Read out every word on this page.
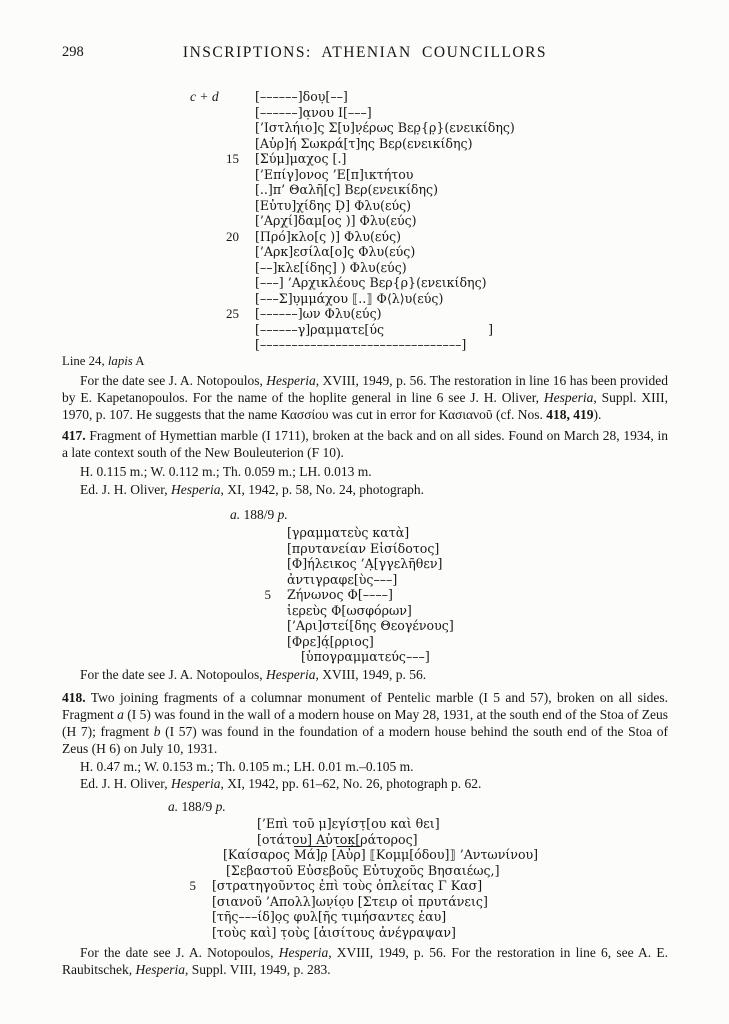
298	INSCRIPTIONS: ATHENIAN COUNCILLORS
c + d	[––––––]δου̣[––]
[––––––]α̣νου Ι[–––]
[’Ιστλήιο]ς Σ[υ]ν̣έρως Βερ̣{ρ̣}(ενεικίδης)
[Αὐρ]ή Σωκρά[τ]ης Βερ(ενεικίδης)
15	[Σύμ]μαχος [.]
[’Επίγ]ονος ’Ε[π]ικτήτου
[..]π’ Θαλῆ[ς] Βερ(ενεικίδης)
[Εὐτυ]χίδης Ḍ] Φλυ(εύς)
[’Αρχί]δαμ[ος )] Φλυ(εύς)
20	[Πρό]κλο[ς )] Φλυ(εύς)
[’Αρκ]εσίλα[ο]ς̣ Φλυ(εύς)
[––]κλε[ίδης] ) Φλυ(εύς)
[–––] ’Αρχικλέους Βερ{ρ}(ενεικίδης)
[–––Σ]υ̣μμάχου ⟦..⟧ Φ⟨λ⟩υ(εύς)
25	[––––––]ων Φλυ(εύς)
[––––––γ]ραμματε[ύς                          ]
[––––––––––––––––––––––––––––––––]

Line 24, lapis A

For the date see J. A. Notopoulos, Hesperia, XVIII, 1949, p. 56. The restoration in line 16 has been provided by E. Kapetanopoulos. For the name of the hoplite general in line 6 see J. H. Oliver, Hesperia, Suppl. XIII, 1970, p. 107. He suggests that the name Κασσίου was cut in error for Κασιανοῦ (cf. Nos. 418, 419).

417. Fragment of Hymettian marble (I 1711), broken at the back and on all sides. Found on March 28, 1934, in a late context south of the New Bouleuterion (F 10).

H. 0.115 m.; W. 0.112 m.; Th. 0.059 m.; LH. 0.013 m.

Ed. J. H. Oliver, Hesperia, XI, 1942, p. 58, No. 24, photograph.

a. 188/9 p.
[γραμματεὺς κατὰ]
[πρυτανείαν Εἰσίδοτος]
[Φ]ήλεικος ’Α̣[γγελῆθεν]
ἀντιγραφε[ὺς–––]
5	Ζήνωνος Φ[––––]
ἱερεὺς Φ[ωσφόρων]
[’Αρι]στεί[δης Θεογένους]
[Φρε]ά̣[ρριος]
[ὑπογραμματεύς–––]

For the date see J. A. Notopoulos, Hesperia, XVIII, 1949, p. 56.

418. Two joining fragments of a columnar monument of Pentelic marble (I 5 and 57), broken on all sides. Fragment a (I 5) was found in the wall of a modern house on May 28, 1931, at the south end of the Stoa of Zeus (H 7); fragment b (I 57) was found in the foundation of a modern house behind the south end of the Stoa of Zeus (H 6) on July 10, 1931.

H. 0.47 m.; W. 0.153 m.; Th. 0.105 m.; LH. 0.01 m.–0.105 m.

Ed. J. H. Oliver, Hesperia, XI, 1942, pp. 61–62, No. 26, photograph p. 62.

a. 188/9 p.
[’Επὶ τοῦ μ]εγίστ̣[ου καὶ θει]
[οτάτου] Αὐτοκ̣[ράτορος]
[Καίσαρος Μά]ρ̣ $[\overline{Aὐ\rho}]$ ⟦Κομμ[όδου]⟧ ’Αντωνίνου]
[Σεβαστοῦ Εὐσεβοῦς Εὐτυχοῦς Βησαιέως,]
5	[στρατηγοῦντος ἐπὶ τοὺς ὁπλείτας Γ Κασ]
[σιανοῦ ’Απολλ]ων̣ίο̣υ [Στειρ οἱ πρυτάνεις]
[τῆς–––ίδ]ο̣ς φυλ[ῆς τιμήσαντες ἑαυ]
[τοὺς καὶ] τ̣οὺς̣ [ἀισίτους ἀνέγραψαν]

For the date see J. A. Notopoulos, Hesperia, XVIII, 1949, p. 56. For the restoration in line 6, see A. E. Raubitschek, Hesperia, Suppl. VIII, 1949, p. 283.
